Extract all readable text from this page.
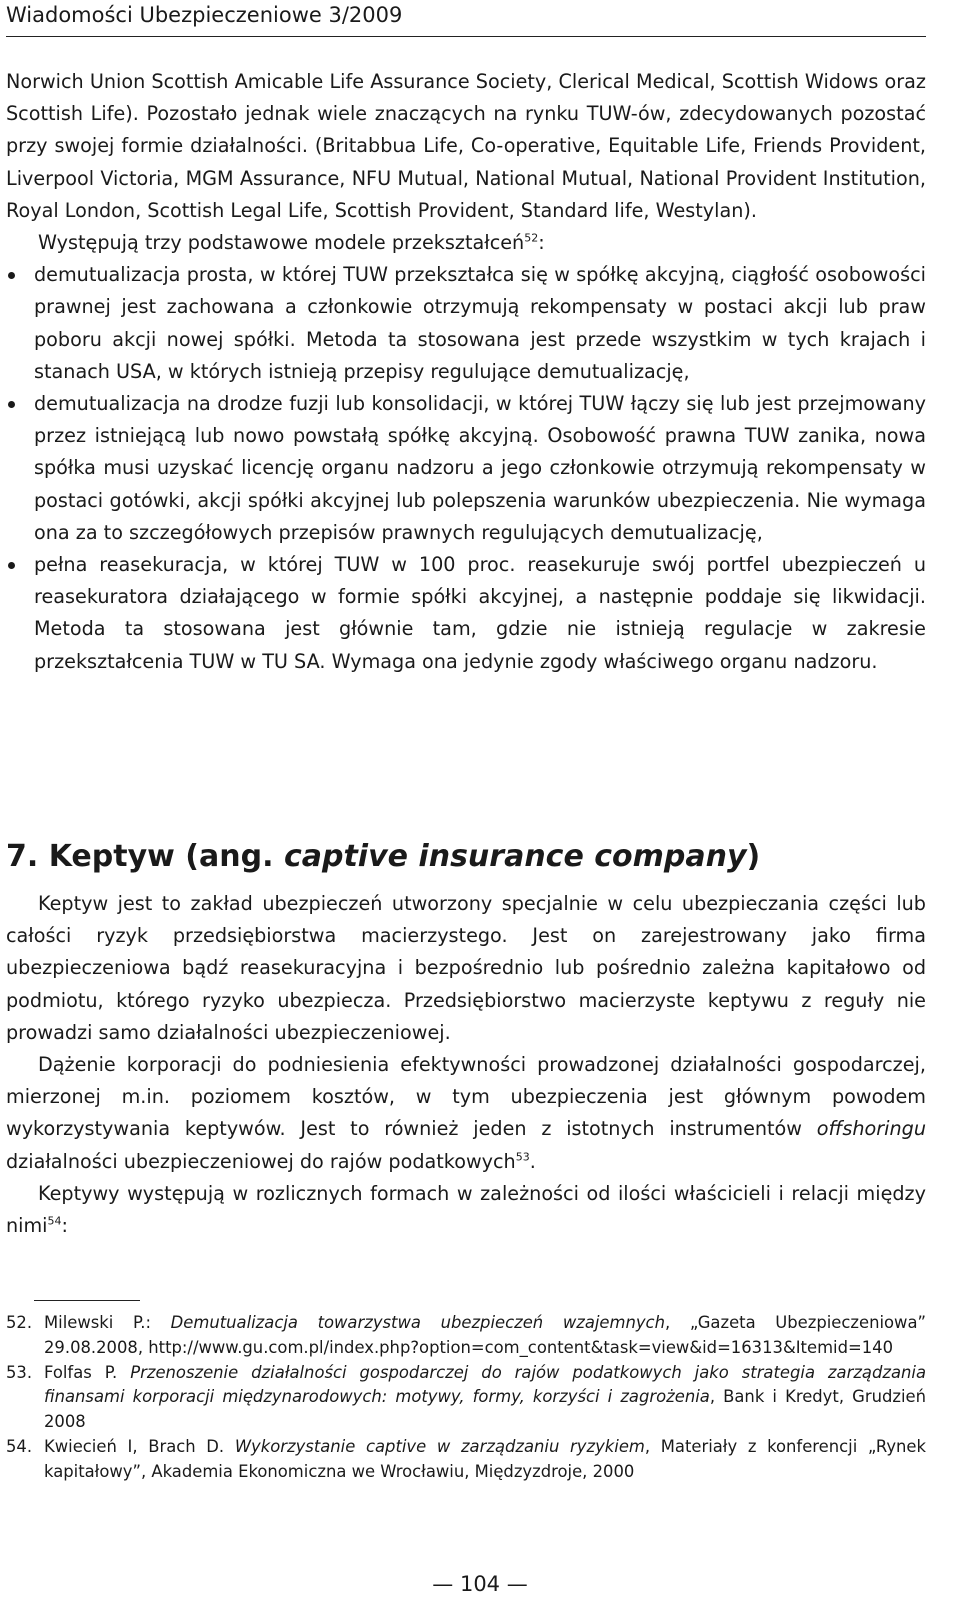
Wiadomości Ubezpieczeniowe 3/2009

Norwich Union Scottish Amicable Life Assurance Society, Clerical Medical, Scottish Widows oraz Scottish Life). Pozostało jednak wiele znaczących na rynku TUW-ów, zdecydowanych pozostać przy swojej formie działalności. (Britabbua Life, Co-operative, Equitable Life, Friends Provident, Liverpool Victoria, MGM Assurance, NFU Mutual, National Mutual, National Provident Institution, Royal London, Scottish Legal Life, Scottish Provident, Standard life, Westylan).

Występują trzy podstawowe modele przekształceń$^{52}$:

demutualizacja prosta, w której TUW przekształca się w spółkę akcyjną, ciągłość osobowości prawnej jest zachowana a członkowie otrzymują rekompensaty w postaci akcji lub praw poboru akcji nowej spółki. Metoda ta stosowana jest przede wszystkim w tych krajach i stanach USA, w których istnieją przepisy regulujące demutualizację,
demutualizacja na drodze fuzji lub konsolidacji, w której TUW łączy się lub jest przejmowany przez istniejącą lub nowo powstałą spółkę akcyjną. Osobowość prawna TUW zanika, nowa spółka musi uzyskać licencję organu nadzoru a jego członkowie otrzymują rekompensaty w postaci gotówki, akcji spółki akcyjnej lub polepszenia warunków ubezpieczenia. Nie wymaga ona za to szczegółowych przepisów prawnych regulujących demutualizację,
pełna reasekuracja, w której TUW w 100 proc. reasekuruje swój portfel ubezpieczeń u reasekuratora działającego w formie spółki akcyjnej, a następnie poddaje się likwidacji. Metoda ta stosowana jest głównie tam, gdzie nie istnieją regulacje w zakresie przekształcenia TUW w TU SA. Wymaga ona jedynie zgody właściwego organu nadzoru.
7. Keptyw (ang. captive insurance company)

Keptyw jest to zakład ubezpieczeń utworzony specjalnie w celu ubezpieczania części lub całości ryzyk przedsiębiorstwa macierzystego. Jest on zarejestrowany jako firma ubezpieczeniowa bądź reasekuracyjna i bezpośrednio lub pośrednio zależna kapitałowo od podmiotu, którego ryzyko ubezpiecza. Przedsiębiorstwo macierzyste keptywu z reguły nie prowadzi samo działalności ubezpieczeniowej.

Dążenie korporacji do podniesienia efektywności prowadzonej działalności gospodarczej, mierzonej m.in. poziomem kosztów, w tym ubezpieczenia jest głównym powodem wykorzystywania keptywów. Jest to również jeden z istotnych instrumentów offshoringu działalności ubezpieczeniowej do rajów podatkowych$^{53}$.

Keptywy występują w rozlicznych formach w zależności od ilości właścicieli i relacji między nimi$^{54}$:

52. Milewski P.: Demutualizacja towarzystwa ubezpieczeń wzajemnych, „Gazeta Ubezpieczeniowa” 29.08.2008, http://www.gu.com.pl/index.php?option=com_content&task=view&id=16313&Itemid=140
53. Folfas P. Przenoszenie działalności gospodarczej do rajów podatkowych jako strategia zarządzania finansami korporacji międzynarodowych: motywy, formy, korzyści i zagrożenia, Bank i Kredyt, Grudzień 2008
54. Kwiecień I, Brach D. Wykorzystanie captive w zarządzaniu ryzykiem, Materiały z konferencji „Rynek kapitałowy”, Akademia Ekonomiczna we Wrocławiu, Międzyzdroje, 2000
— 104 —
